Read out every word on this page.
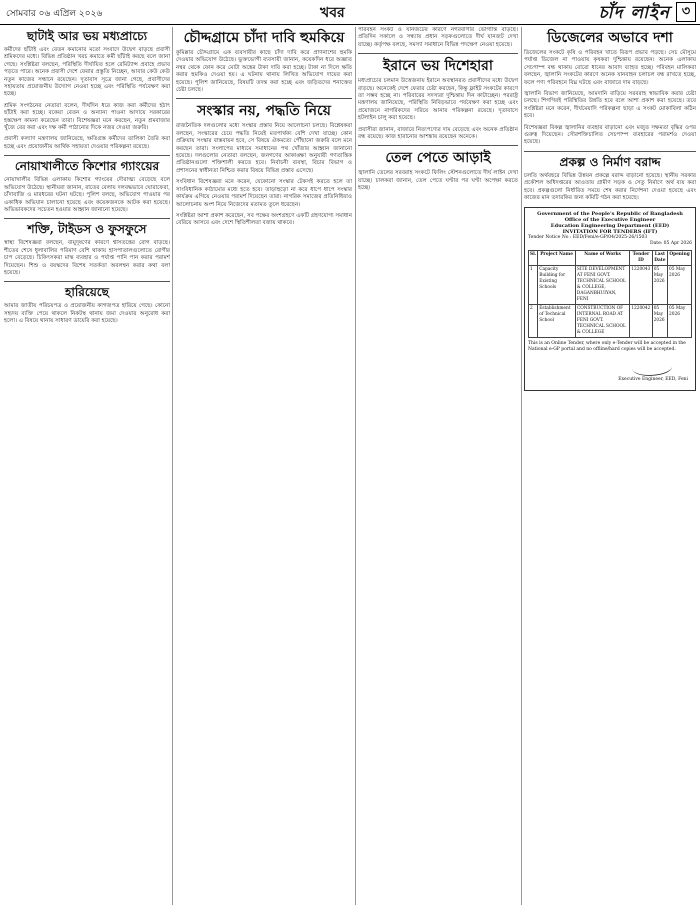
সোমবার ০৬ এপ্রিল ২০২৬	খবর	চাঁদ লাইন ৩
ছাটাই আর ভয় মধ্যপ্রাচ্যে

কর্মীদের ছাঁটাই এবং বেতন কমানোর মতো সংবাদে উদ্বেগ বাড়ছে প্রবাসী শ্রমিকদের মধ্যে। বিভিন্ন প্রতিষ্ঠান খরচ কমাতে কর্মী ছাঁটাই করছে বলে জানা গেছে। সংশ্লিষ্টরা বলছেন, পরিস্থিতি দীর্ঘায়িত হলে রেমিট্যান্স প্রবাহে প্রভাব পড়তে পারে। অনেক প্রবাসী দেশে ফেরার প্রস্তুতি নিচ্ছেন, আবার কেউ কেউ নতুন কাজের সন্ধানে রয়েছেন। দূতাবাস সূত্রে জানা গেছে, প্রবাসীদের সহায়তায় প্রয়োজনীয় উদ্যোগ নেওয়া হচ্ছে এবং পরিস্থিতি পর্যবেক্ষণ করা হচ্ছে।

শ্রমিক সংগঠনের নেতারা বলেন, দীর্ঘদিন ধরে কাজ করা কর্মীদের হঠাৎ ছাঁটাই করা হচ্ছে। বকেয়া বেতন ও অন্যান্য পাওনা আদায়ে সরকারের হস্তক্ষেপ কামনা করেছেন তারা। বিশেষজ্ঞরা মনে করছেন, নতুন শ্রমবাজার খুঁজে বের করা এবং দক্ষ কর্মী পাঠানোর দিকে নজর দেওয়া জরুরি।

প্রবাসী কল্যাণ মন্ত্রণালয় জানিয়েছে, ক্ষতিগ্রস্ত কর্মীদের তালিকা তৈরি করা হচ্ছে এবং প্রয়োজনীয় আর্থিক সহায়তা দেওয়ার পরিকল্পনা রয়েছে।

নোয়াখালীতে কিশোর গ্যাংয়ের

নোয়াখালীর বিভিন্ন এলাকায় কিশোর গ্যাংয়ের দৌরাত্ম্য বেড়েছে বলে অভিযোগ উঠেছে। স্থানীয়রা জানান, রাতের বেলায় দলবদ্ধভাবে ঘোরাফেরা, চাঁদাবাজি ও মারধরের ঘটনা ঘটছে। পুলিশ বলছে, অভিযোগ পাওয়ার পর একাধিক অভিযান চালানো হয়েছে এবং কয়েকজনকে আটক করা হয়েছে। অভিভাবকদের সচেতন হওয়ার আহ্বান জানানো হয়েছে।

শক্তি, টাইডস ও ফুসফুসে

স্বাস্থ্য বিশেষজ্ঞরা বলছেন, বায়ুদূষণের কারণে শ্বাসতন্ত্রের রোগ বাড়ছে। শীতের শেষে ধুলাবালির পরিমাণ বেশি থাকায় হাসপাতালগুলোতে রোগীর চাপ বেড়েছে। চিকিৎসকরা মাস্ক ব্যবহার ও পর্যাপ্ত পানি পান করার পরামর্শ দিয়েছেন। শিশু ও বয়স্কদের বিশেষ সতর্কতা অবলম্বন করার কথা বলা হয়েছে।

হারিয়েছে

আমার জাতীয় পরিচয়পত্র ও প্রয়োজনীয় কাগজপত্র হারিয়ে গেছে। কোনো সহৃদয় ব্যক্তি পেয়ে থাকলে নিকটস্থ থানায় জমা দেওয়ার অনুরোধ করা হলো। এ বিষয়ে থানায় সাধারণ ডায়েরি করা হয়েছে।

চৌদ্দগ্রামে চাঁদা দাবি হুমকিয়ে

কুমিল্লার চৌদ্দগ্রামে এক ব্যবসায়ীর কাছে চাঁদা দাবি করে প্রাণনাশের হুমকি দেওয়ার অভিযোগ উঠেছে। ভুক্তভোগী ব্যবসায়ী জানান, কয়েকদিন ধরে অজ্ঞাত নম্বর থেকে ফোন করে মোটা অঙ্কের টাকা দাবি করা হচ্ছে। টাকা না দিলে ক্ষতি করার হুমকিও দেওয়া হয়। এ ঘটনায় থানায় লিখিত অভিযোগ দায়ের করা হয়েছে। পুলিশ জানিয়েছে, বিষয়টি তদন্ত করা হচ্ছে এবং জড়িতদের শনাক্তের চেষ্টা চলছে।

সংস্কার নয়, পদ্ধতি নিয়ে

রাজনৈতিক দলগুলোর মধ্যে সংস্কার প্রস্তাব নিয়ে আলোচনা চলছে। বিশ্লেষকরা বলছেন, সংস্কারের চেয়ে পদ্ধতি নিয়েই মতপার্থক্য বেশি দেখা যাচ্ছে। কোন প্রক্রিয়ায় সংস্কার বাস্তবায়ন হবে, সে বিষয়ে ঐকমত্যে পৌঁছানো জরুরি বলে মনে করছেন তারা। সংলাপের মাধ্যমে সমাধানের পথ খোঁজার আহ্বান জানানো হয়েছে। দলগুলোর নেতারা বলছেন, জনগণের আকাঙ্ক্ষা অনুযায়ী গণতান্ত্রিক প্রতিষ্ঠানগুলো শক্তিশালী করতে হবে। নির্বাচনী ব্যবস্থা, বিচার বিভাগ ও প্রশাসনের স্বাধীনতা নিশ্চিত করার বিষয়ে বিভিন্ন প্রস্তাব এসেছে।

সংবিধান বিশেষজ্ঞরা মনে করেন, যেকোনো সংস্কার টেকসই করতে হলে তা সাংবিধানিক কাঠামোর মধ্যে হতে হবে। তাড়াহুড়ো না করে ধাপে ধাপে সংস্কার কার্যক্রম এগিয়ে নেওয়ার পরামর্শ দিয়েছেন তারা। নাগরিক সমাজের প্রতিনিধিরাও আলোচনায় অংশ নিয়ে নিজেদের মতামত তুলে ধরেছেন।

সংশ্লিষ্টরা আশা প্রকাশ করেছেন, সব পক্ষের অংশগ্রহণে একটি গ্রহণযোগ্য সমাধান বেরিয়ে আসবে এবং দেশে স্থিতিশীলতা বজায় থাকবে।

পরিবহন সংকট ও যানজটের কারণে নগরবাসীর ভোগান্তি বাড়ছে। প্রতিদিন সকালে ও সন্ধ্যায় প্রধান সড়কগুলোতে দীর্ঘ যানজট দেখা যাচ্ছে। কর্তৃপক্ষ বলছে, সমস্যা সমাধানে বিভিন্ন পদক্ষেপ নেওয়া হয়েছে।

ইরানে ভয় দিশেহারা

মধ্যপ্রাচ্যের চলমান উত্তেজনায় ইরানে অবস্থানরত প্রবাসীদের মধ্যে উদ্বেগ বাড়ছে। অনেকেই দেশে ফেরার চেষ্টা করছেন, কিন্তু ফ্লাইট সংকটের কারণে তা সম্ভব হচ্ছে না। পরিবারের সদস্যরা দুশ্চিন্তায় দিন কাটাচ্ছেন। পররাষ্ট্র মন্ত্রণালয় জানিয়েছে, পরিস্থিতি নিবিড়ভাবে পর্যবেক্ষণ করা হচ্ছে এবং প্রয়োজনে নাগরিকদের সরিয়ে আনার পরিকল্পনা রয়েছে। দূতাবাসে হটলাইন চালু করা হয়েছে।

প্রবাসীরা জানান, বাজারে নিত্যপণ্যের দাম বেড়েছে এবং অনেক প্রতিষ্ঠান বন্ধ রয়েছে। কাজ হারানোর আশঙ্কায় রয়েছেন অনেকে।

তেল পেতে আড়াই

জ্বালানি তেলের সরবরাহ সংকটে ফিলিং স্টেশনগুলোতে দীর্ঘ লাইন দেখা যাচ্ছে। চালকরা জানান, তেল পেতে ঘণ্টার পর ঘণ্টা অপেক্ষা করতে হচ্ছে।

ডিজেলের অভাবে দশা

ডিজেলের সংকটে কৃষি ও পরিবহন খাতে বিরূপ প্রভাব পড়ছে। সেচ মৌসুমে পর্যাপ্ত ডিজেল না পাওয়ায় কৃষকরা দুশ্চিন্তায় রয়েছেন। অনেক এলাকায় সেচপাম্প বন্ধ থাকায় বোরো ধানের আবাদ ব্যাহত হচ্ছে। পরিবহন মালিকরা বলছেন, জ্বালানি সংকটের কারণে অনেক যানবাহন চলাচল বন্ধ রাখতে হচ্ছে, ফলে পণ্য পরিবহনে বিঘ্ন ঘটছে এবং বাজারে দাম বাড়ছে।

জ্বালানি বিভাগ জানিয়েছে, আমদানি বাড়িয়ে সরবরাহ স্বাভাবিক করার চেষ্টা চলছে। শিগগিরই পরিস্থিতির উন্নতি হবে বলে আশা প্রকাশ করা হয়েছে। তবে সংশ্লিষ্টরা মনে করেন, দীর্ঘমেয়াদি পরিকল্পনা ছাড়া এ সংকট মোকাবিলা কঠিন হবে।

বিশেষজ্ঞরা বিকল্প জ্বালানির ব্যবহার বাড়ানো এবং মজুত সক্ষমতা বৃদ্ধির ওপর গুরুত্ব দিয়েছেন। সৌরশক্তিচালিত সেচপাম্প ব্যবহারের পরামর্শও দেওয়া হয়েছে।

প্রকল্প ও নির্মাণ বরাদ্দ

চলতি অর্থবছরে বিভিন্ন উন্নয়ন প্রকল্পে বরাদ্দ বাড়ানো হয়েছে। স্থানীয় সরকার প্রকৌশল অধিদপ্তরের আওতায় গ্রামীণ সড়ক ও সেতু নির্মাণে অর্থ ব্যয় করা হবে। প্রকল্পগুলো নির্ধারিত সময়ে শেষ করার নির্দেশনা দেওয়া হয়েছে এবং কাজের মান তদারকির জন্য কমিটি গঠন করা হয়েছে।

Government of the People's Republic of Bangladesh
Office of the Executive Engineer
Education Engineering Department (EED)
INVITATION FOR TENDERS (IFT)
Tender Notice No : EED/Feni/e-GP/04/2025-26/1503
Date: 05 Apr 2026
Sl.	Project Name	Name of Works	Tender ID	Last Date	Opening
1	Capacity Building for Existing Schools	SITE DEVELOPMENT AT FENI GOVT. TECHNICAL SCHOOL & COLLEGE, DAGANBHUIYAN, FENI	1220043	05 May 2026	05 May 2026
2	Establishment of Technical School	CONSTRUCTION OF INTERNAL ROAD AT FENI GOVT. TECHNICAL SCHOOL & COLLEGE	1220042	05 May 2026	05 May 2026
This is an Online Tender, where only e-Tender will be accepted in the National e-GP portal and no offline/hard copies will be accepted.
Executive Engineer, EED, Feni
